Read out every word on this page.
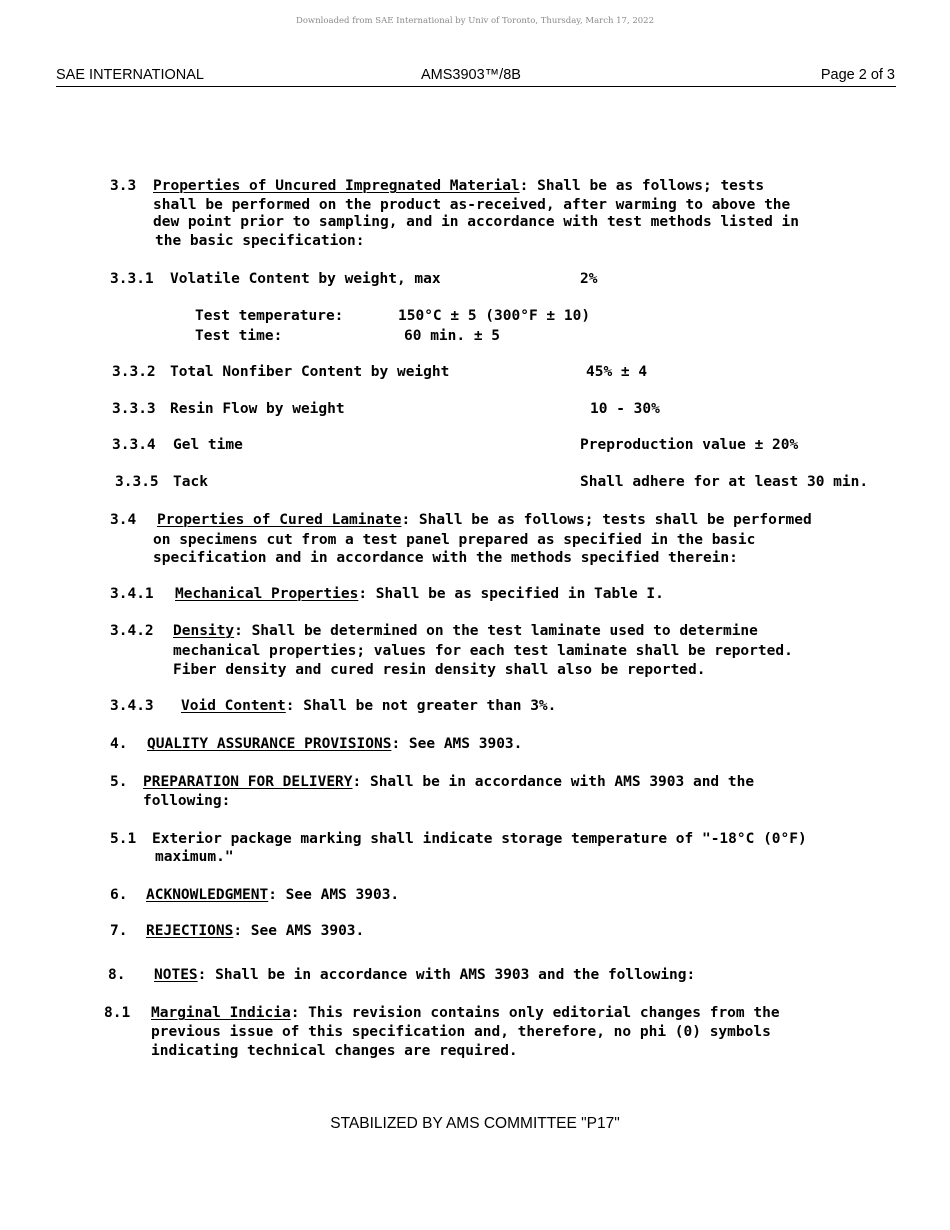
Downloaded from SAE International by Univ of Toronto, Thursday, March 17, 2022
SAE INTERNATIONAL	AMS3903™/8B	Page 2 of 3
3.3 Properties of Uncured Impregnated Material: Shall be as follows; tests
shall be performed on the product as-received, after warming to above the
dew point prior to sampling, and in accordance with test methods listed in
the basic specification:
3.3.1 Volatile Content by weight, max	2%
Test temperature:	150°C ± 5 (300°F ± 10)
Test time:	60 min. ± 5
3.3.2 Total Nonfiber Content by weight	45% ± 4
3.3.3 Resin Flow by weight	10 - 30%
3.3.4 Gel time	Preproduction value ± 20%
3.3.5 Tack	Shall adhere for at least 30 min.
3.4 Properties of Cured Laminate: Shall be as follows; tests shall be performed
on specimens cut from a test panel prepared as specified in the basic
specification and in accordance with the methods specified therein:
3.4.1 Mechanical Properties: Shall be as specified in Table I.
3.4.2 Density: Shall be determined on the test laminate used to determine
mechanical properties; values for each test laminate shall be reported.
Fiber density and cured resin density shall also be reported.
3.4.3 Void Content: Shall be not greater than 3%.
4. QUALITY ASSURANCE PROVISIONS: See AMS 3903.
5. PREPARATION FOR DELIVERY: Shall be in accordance with AMS 3903 and the
following:
5.1 Exterior package marking shall indicate storage temperature of "-18°C (0°F)
maximum."
6. ACKNOWLEDGMENT: See AMS 3903.
7. REJECTIONS: See AMS 3903.
8. NOTES: Shall be in accordance with AMS 3903 and the following:
8.1 Marginal Indicia: This revision contains only editorial changes from the
previous issue of this specification and, therefore, no phi (0) symbols
indicating technical changes are required.
STABILIZED BY AMS COMMITTEE "P17"
